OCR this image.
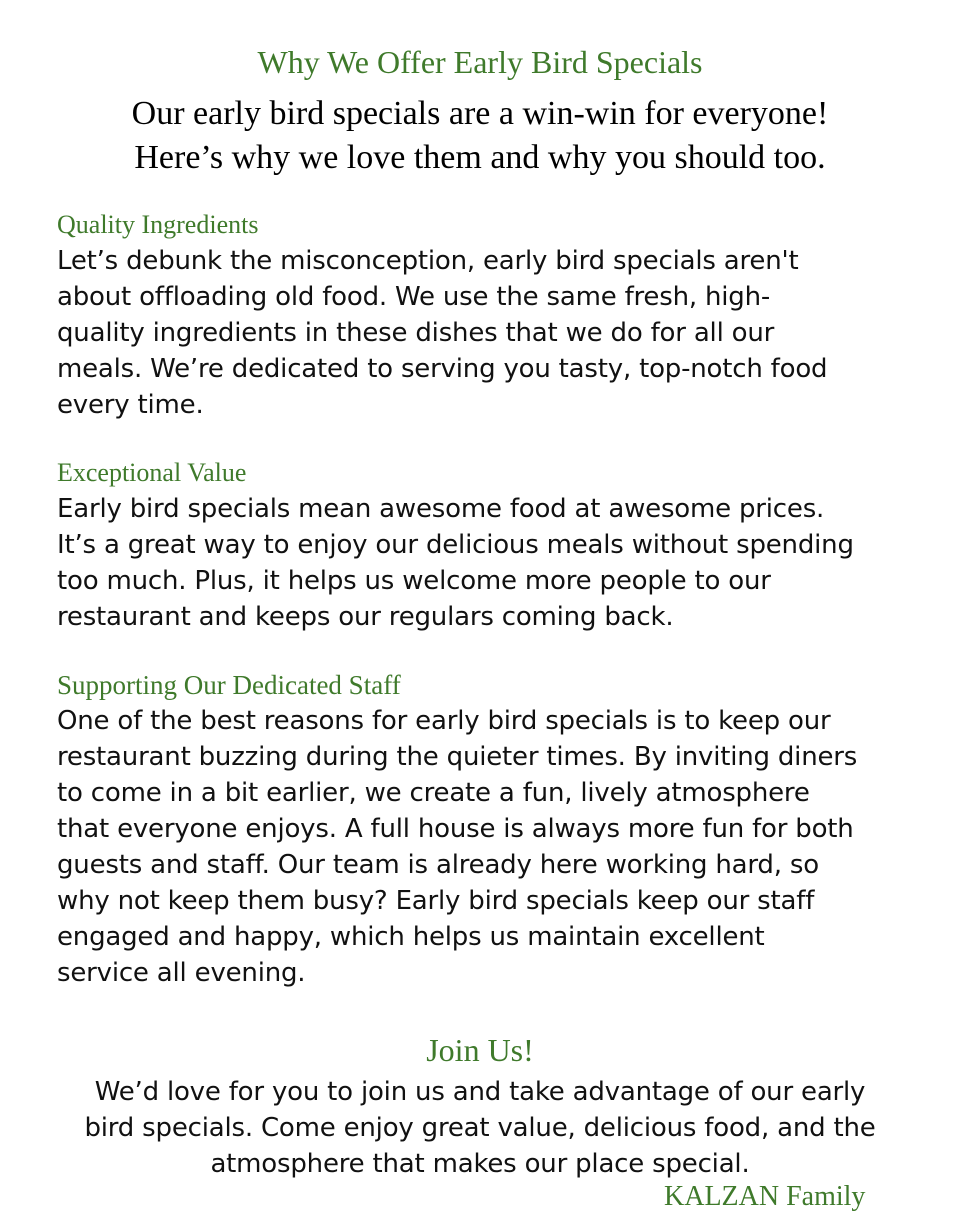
Why We Offer Early Bird Specials

Our early bird specials are a win-win for everyone!
Here’s why we love them and why you should too.

Quality Ingredients

Let’s debunk the misconception, early bird specials aren't
about offloading old food. We use the same fresh, high-
quality ingredients in these dishes that we do for all our
meals. We’re dedicated to serving you tasty, top-notch food
every time.

Exceptional Value

Early bird specials mean awesome food at awesome prices.
It’s a great way to enjoy our delicious meals without spending
too much. Plus, it helps us welcome more people to our
restaurant and keeps our regulars coming back.

Supporting Our Dedicated Staff

One of the best reasons for early bird specials is to keep our
restaurant buzzing during the quieter times. By inviting diners
to come in a bit earlier, we create a fun, lively atmosphere
that everyone enjoys. A full house is always more fun for both
guests and staff. Our team is already here working hard, so
why not keep them busy? Early bird specials keep our staff
engaged and happy, which helps us maintain excellent
service all evening.

Join Us!

We’d love for you to join us and take advantage of our early
bird specials. Come enjoy great value, delicious food, and the
atmosphere that makes our place special.

KALZAN Family
